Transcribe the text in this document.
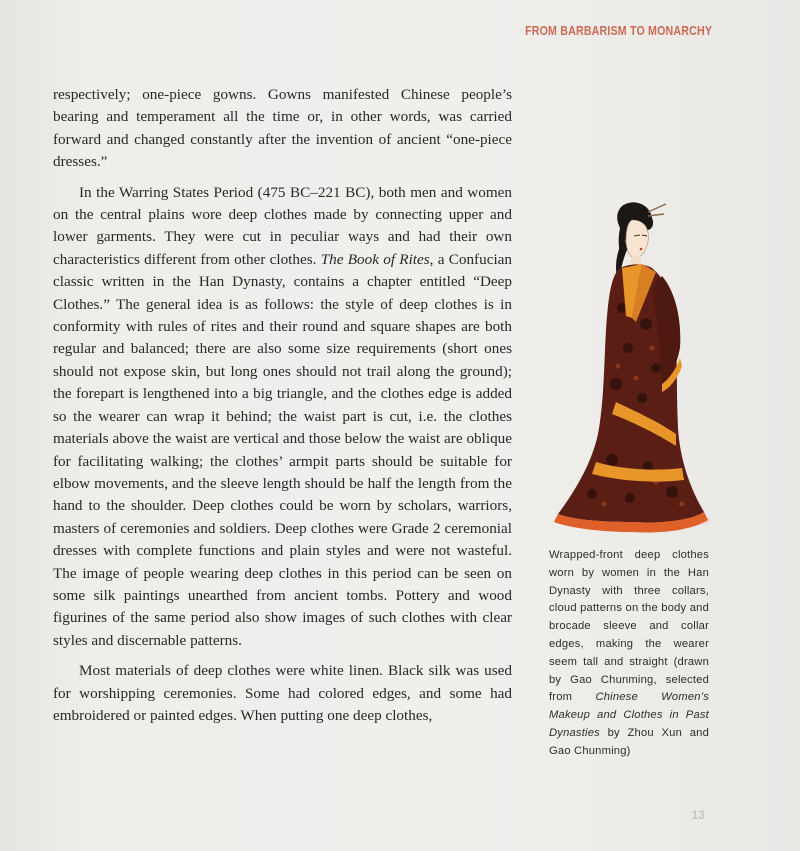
FROM BARBARISM TO MONARCHY

respectively; one-piece gowns. Gowns manifested Chinese people’s bearing and temperament all the time or, in other words, was carried forward and changed constantly after the invention of ancient “one-piece dresses.”

In the Warring States Period (475 BC–221 BC), both men and women on the central plains wore deep clothes made by connecting upper and lower garments. They were cut in peculiar ways and had their own characteristics different from other clothes. The Book of Rites, a Confucian classic written in the Han Dynasty, contains a chapter entitled “Deep Clothes.” The general idea is as follows: the style of deep clothes is in conformity with rules of rites and their round and square shapes are both regular and balanced; there are also some size requirements (short ones should not expose skin, but long ones should not trail along the ground); the forepart is lengthened into a big triangle, and the clothes edge is added so the wearer can wrap it behind; the waist part is cut, i.e. the clothes materials above the waist are vertical and those below the waist are oblique for facilitating walking; the clothes’ armpit parts should be suitable for elbow movements, and the sleeve length should be half the length from the hand to the shoulder. Deep clothes could be worn by scholars, warriors, masters of ceremonies and soldiers. Deep clothes were Grade 2 ceremonial dresses with complete functions and plain styles and were not wasteful. The image of people wearing deep clothes in this period can be seen on some silk paintings unearthed from ancient tombs. Pottery and wood figurines of the same period also show images of such clothes with clear styles and discernable patterns.

Most materials of deep clothes were white linen. Black silk was used for worshipping ceremonies. Some had colored edges, and some had embroidered or painted edges. When putting one deep clothes,

Wrapped-front deep clothes worn by women in the Han Dynasty with three collars, cloud patterns on the body and brocade sleeve and collar edges, making the wearer seem tall and straight (drawn by Gao Chunming, selected from Chinese Women’s Makeup and Clothes in Past Dynasties by Zhou Xun and Gao Chunming)
13
